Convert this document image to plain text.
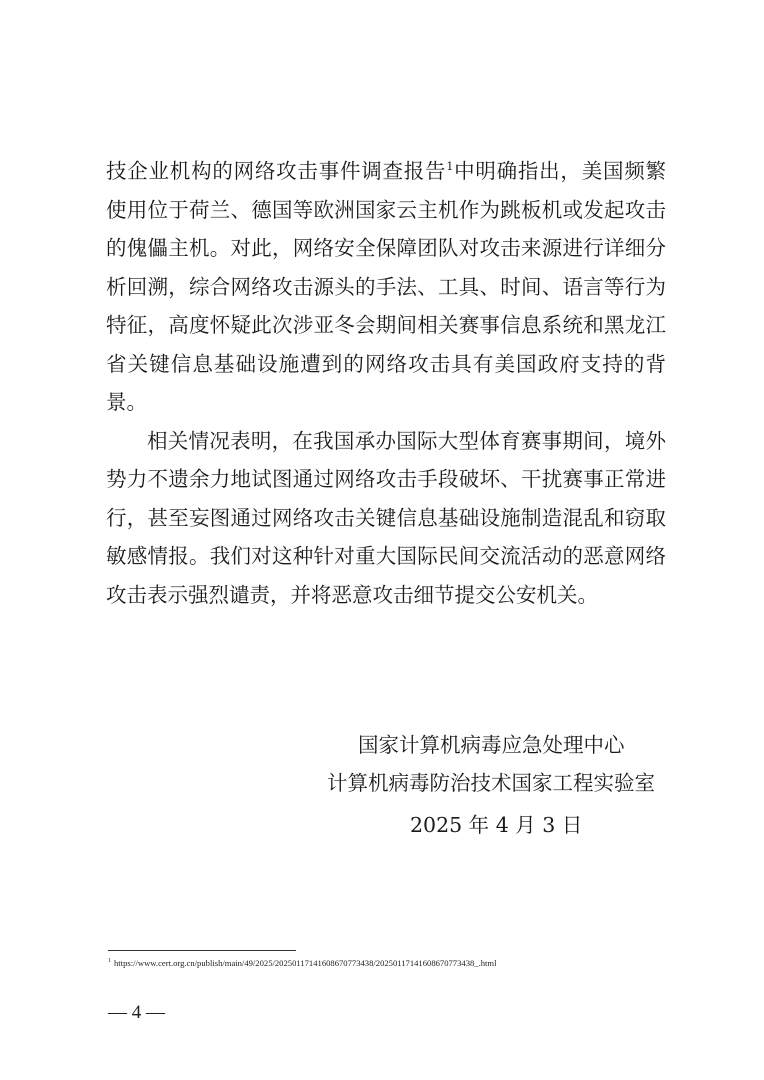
技企业机构的网络攻击事件调查报告$^1$中明确指出，美国频繁
使用位于荷兰、德国等欧洲国家云主机作为跳板机或发起攻击
的傀儡主机。对此，网络安全保障团队对攻击来源进行详细分
析回溯，综合网络攻击源头的手法、工具、时间、语言等行为
特征，高度怀疑此次涉亚冬会期间相关赛事信息系统和黑龙江
省关键信息基础设施遭到的网络攻击具有美国政府支持的背
景。
相关情况表明，在我国承办国际大型体育赛事期间，境外
势力不遗余力地试图通过网络攻击手段破坏、干扰赛事正常进
行，甚至妄图通过网络攻击关键信息基础设施制造混乱和窃取
敏感情报。我们对这种针对重大国际民间交流活动的恶意网络
攻击表示强烈谴责，并将恶意攻击细节提交公安机关。
国家计算机病毒应急处理中心
计算机病毒防治技术国家工程实验室
2025 年 4 月 3 日
$^1$ https://www.cert.org.cn/publish/main/49/2025/20250117141608670773438/20250117141608670773438_.html
— 4 —
